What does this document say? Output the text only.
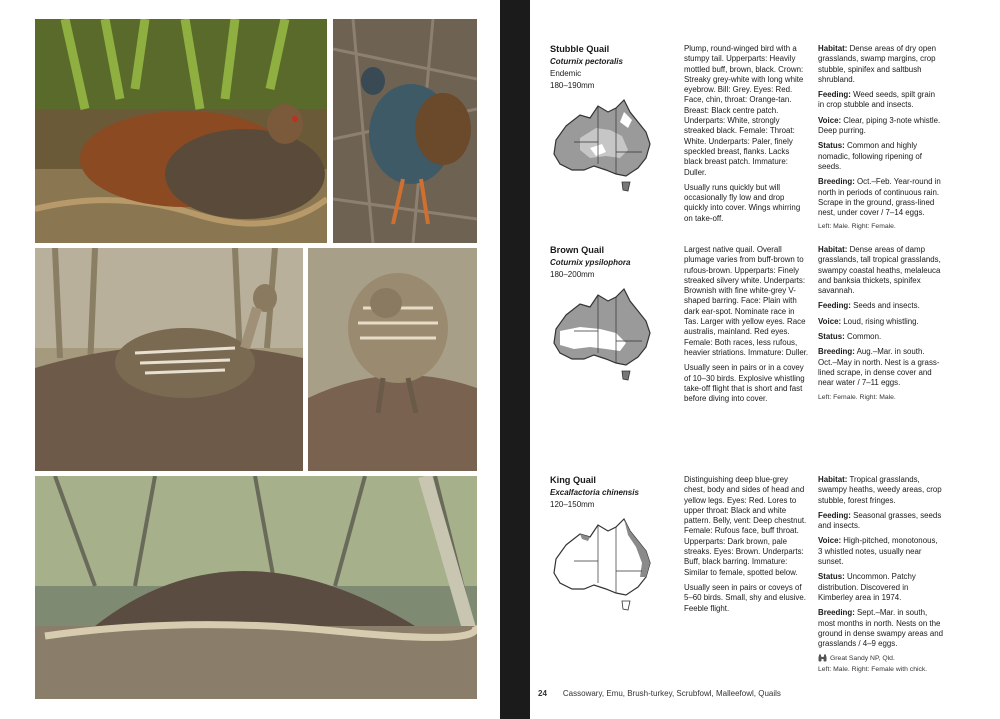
Stubble Quail
Coturnix pectoralis
Endemic
180–190mm

Plump, round-winged bird with a stumpy tail. Upperparts: Heavily mottled buff, brown, black. Crown: Streaky grey-white with long white eyebrow. Bill: Grey. Eyes: Red. Face, chin, throat: Orange-tan. Breast: Black centre patch. Underparts: White, strongly streaked black. Female: Throat: White. Underparts: Paler, finely speckled breast, flanks. Lacks black breast patch. Immature: Duller.

Usually runs quickly but will occasionally fly low and drop quickly into cover. Wings whirring on take-off.

Habitat: Dense areas of dry open grasslands, swamp margins, crop stubble, spinifex and saltbush shrubland.

Feeding: Weed seeds, spilt grain in crop stubble and insects.

Voice: Clear, piping 3-note whistle. Deep purring.

Status: Common and highly nomadic, following ripening of seeds.

Breeding: Oct.–Feb. Year-round in north in periods of continuous rain. Scrape in the ground, grass-lined nest, under cover / 7–14 eggs.

Left: Male. Right: Female.
Brown Quail
Coturnix ypsilophora
180–200mm

Largest native quail. Overall plumage varies from buff-brown to rufous-brown. Upperparts: Finely streaked silvery white. Underparts: Brownish with fine white-grey V-shaped barring. Face: Plain with dark ear-spot. Nominate race in Tas. Larger with yellow eyes. Race australis, mainland. Red eyes. Female: Both races, less rufous, heavier striations. Immature: Duller.

Usually seen in pairs or in a covey of 10–30 birds. Explosive whistling take-off flight that is short and fast before diving into cover.

Habitat: Dense areas of damp grasslands, tall tropical grasslands, swampy coastal heaths, melaleuca and banksia thickets, spinifex savannah.

Feeding: Seeds and insects.

Voice: Loud, rising whistling.

Status: Common.

Breeding: Aug.–Mar. in south. Oct.–May in north. Nest is a grass-lined scrape, in dense cover and near water / 7–11 eggs.

Left: Female. Right: Male.
King Quail
Excalfactoria chinensis
120–150mm

Distinguishing deep blue-grey chest, body and sides of head and yellow legs. Eyes: Red. Lores to upper throat: Black and white pattern. Belly, vent: Deep chestnut. Female: Rufous face, buff throat. Upperparts: Dark brown, pale streaks. Eyes: Brown. Underparts: Buff, black barring. Immature: Similar to female, spotted below.

Usually seen in pairs or coveys of 5–60 birds. Small, shy and elusive. Feeble flight.

Habitat: Tropical grasslands, swampy heaths, weedy areas, crop stubble, forest fringes.

Feeding: Seasonal grasses, seeds and insects.

Voice: High-pitched, monotonous, 3 whistled notes, usually near sunset.

Status: Uncommon. Patchy distribution. Discovered in Kimberley area in 1974.

Breeding: Sept.–Mar. in south, most months in north. Nests on the ground in dense swampy areas and grasslands / 4–9 eggs.

Great Sandy NP, Qld.
Left: Male. Right: Female with chick.
24 Cassowary, Emu, Brush-turkey, Scrubfowl, Malleefowl, Quails
